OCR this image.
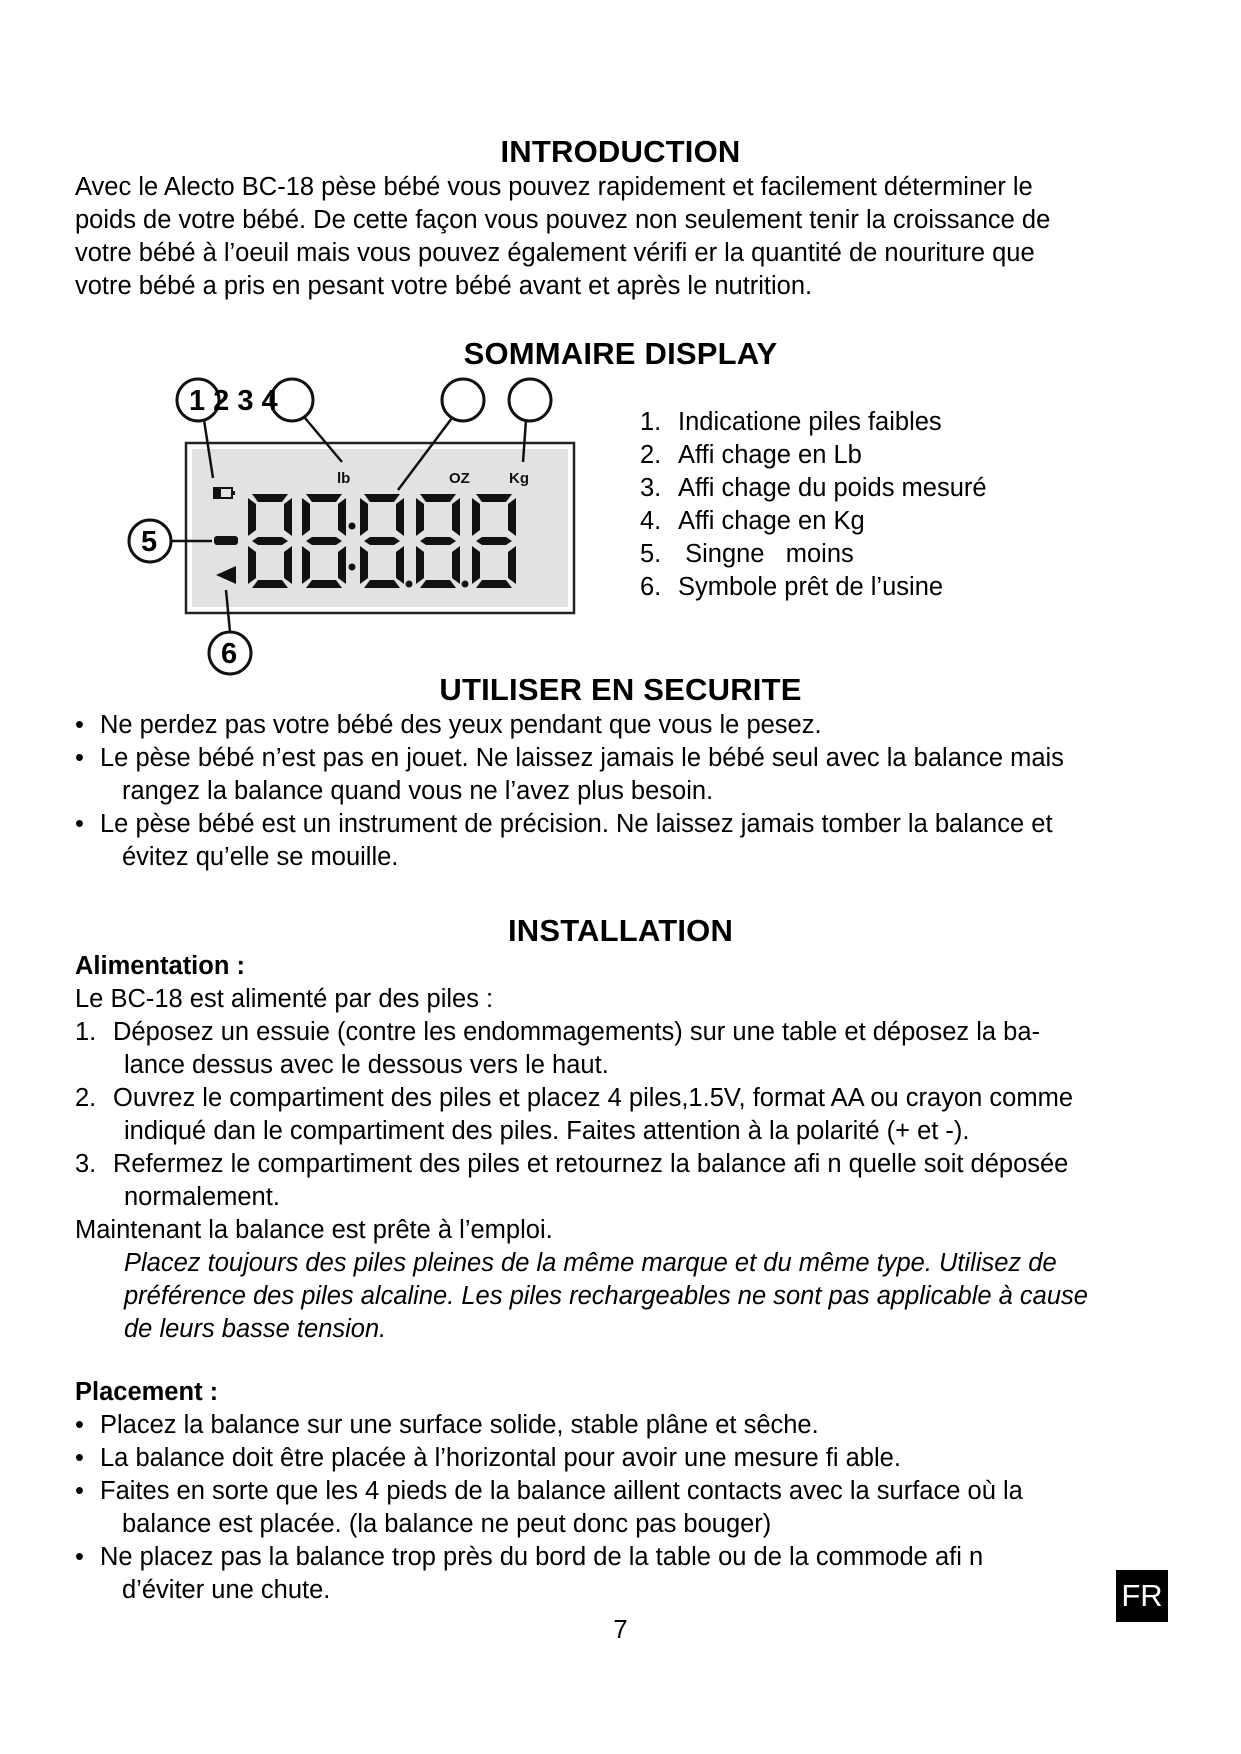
INTRODUCTION
Avec le Alecto BC-18 pèse bébé vous pouvez rapidement et facilement déterminer le
poids de votre bébé. De cette façon vous pouvez non seulement tenir la croissance de
votre bébé à l’oeuil mais vous pouvez également vérifi er la quantité de nouriture que
votre bébé a pris en pesant votre bébé avant et après le nutrition.
SOMMAIRE DISPLAY
1 2 3 4
lb	OZ	Kg
5
6
1. Indicatione piles faibles
2. Affi chage en Lb
3. Affi chage du poids mesuré
4. Affi chage en Kg
5. Singne   moins
6. Symbole prêt de l’usine
UTILISER EN SECURITE
• Ne perdez pas votre bébé des yeux pendant que vous le pesez.
• Le pèse bébé n’est pas en jouet. Ne laissez jamais le bébé seul avec la balance mais
rangez la balance quand vous ne l’avez plus besoin.
• Le pèse bébé est un instrument de précision. Ne laissez jamais tomber la balance et
évitez qu’elle se mouille.
INSTALLATION
Alimentation :
Le BC-18 est alimenté par des piles :
1. Déposez un essuie (contre les endommagements) sur une table et déposez la ba-
lance dessus avec le dessous vers le haut.
2. Ouvrez le compartiment des piles et placez 4 piles,1.5V, format AA ou crayon comme
indiqué dan le compartiment des piles. Faites attention à la polarité (+ et -).
3. Refermez le compartiment des piles et retournez la balance afi n quelle soit déposée
normalement.
Maintenant la balance est prête à l’emploi.
Placez toujours des piles pleines de la même marque et du même type. Utilisez de
préférence des piles alcaline. Les piles rechargeables ne sont pas applicable à cause
de leurs basse tension.
Placement :
• Placez la balance sur une surface solide, stable plâne et sêche.
• La balance doit être placée à l’horizontal pour avoir une mesure fi able.
• Faites en sorte que les 4 pieds de la balance aillent contacts avec la surface où la
balance est placée. (la balance ne peut donc pas bouger)
• Ne placez pas la balance trop près du bord de la table ou de la commode afi n
d’éviter une chute.
7
FR
